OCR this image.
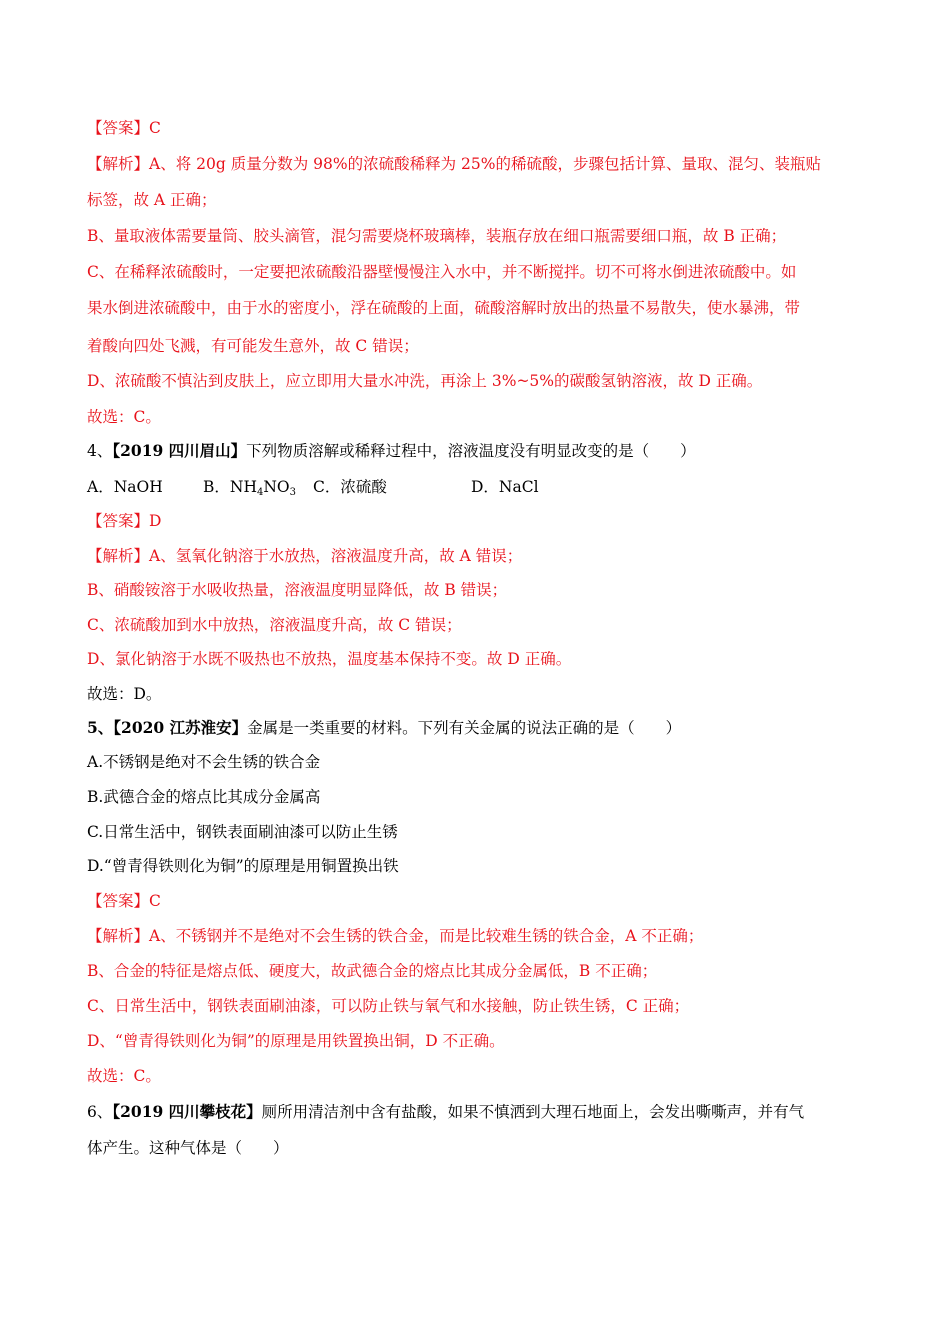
【答案】C
【解析】A、将 20g 质量分数为 98%的浓硫酸稀释为 25%的稀硫酸，步骤包括计算、量取、混匀、装瓶贴
标签，故 A 正确；
B、量取液体需要量筒、胶头滴管，混匀需要烧杯玻璃棒，装瓶存放在细口瓶需要细口瓶，故 B 正确；
C、在稀释浓硫酸时，一定要把浓硫酸沿器壁慢慢注入水中，并不断搅拌。切不可将水倒进浓硫酸中。如
果水倒进浓硫酸中，由于水的密度小，浮在硫酸的上面，硫酸溶解时放出的热量不易散失，使水暴沸，带
着酸向四处飞溅，有可能发生意外，故 C 错误；
D、浓硫酸不慎沾到皮肤上，应立即用大量水冲洗，再涂上 3%~5%的碳酸氢钠溶液，故 D 正确。
故选：C。
4、【2019 四川眉山】下列物质溶解或稀释过程中，溶液温度没有明显改变的是（　　）
A．NaOH	B．$NH_4NO_3$ C．浓硫酸	D．NaCl
【答案】D
【解析】A、氢氧化钠溶于水放热，溶液温度升高，故 A 错误；
B、硝酸铵溶于水吸收热量，溶液温度明显降低，故 B 错误；
C、浓硫酸加到水中放热，溶液温度升高，故 C 错误；
D、氯化钠溶于水既不吸热也不放热，温度基本保持不变。故 D 正确。
故选：D。
5、【2020 江苏淮安】金属是一类重要的材料。下列有关金属的说法正确的是（　　）
A.不锈钢是绝对不会生锈的铁合金
B.武德合金的熔点比其成分金属高
C.日常生活中，钢铁表面刷油漆可以防止生锈
D.“曾青得铁则化为铜”的原理是用铜置换出铁
【答案】C
【解析】A、不锈钢并不是绝对不会生锈的铁合金，而是比较难生锈的铁合金，A 不正确；
B、合金的特征是熔点低、硬度大，故武德合金的熔点比其成分金属低，B 不正确；
C、日常生活中，钢铁表面刷油漆，可以防止铁与氧气和水接触，防止铁生锈，C 正确；
D、“曾青得铁则化为铜”的原理是用铁置换出铜，D 不正确。
故选：C。
6、【2019 四川攀枝花】厕所用清洁剂中含有盐酸，如果不慎洒到大理石地面上，会发出嘶嘶声，并有气
体产生。这种气体是（　　）
